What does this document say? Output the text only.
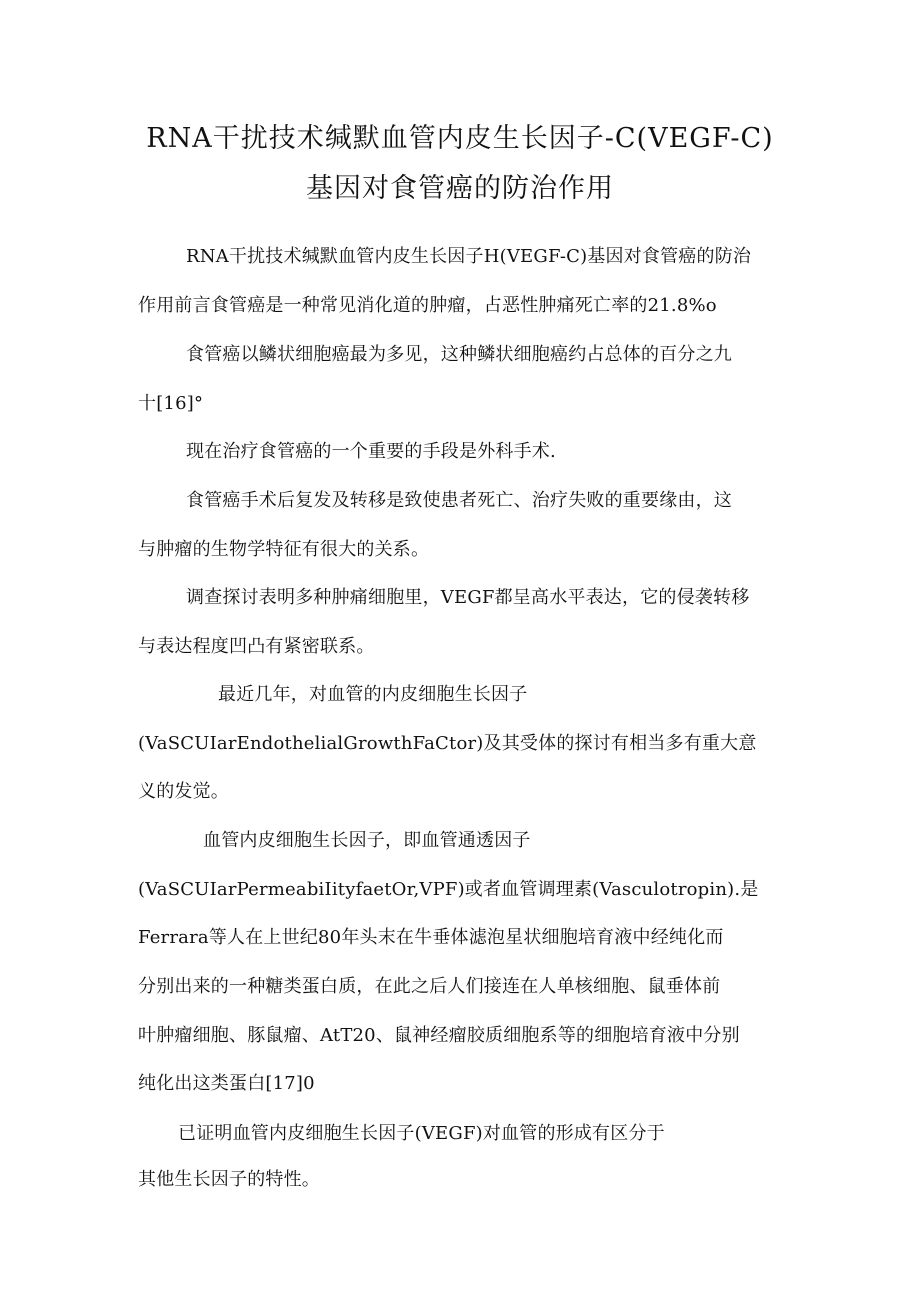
RNA干扰技术缄默血管内皮生长因子-C(VEGF-C)
基因对食管癌的防治作用

RNA干扰技术缄默血管内皮生长因子H(VEGF-C)基因对食管癌的防治

作用前言食管癌是一种常见消化道的肿瘤，占恶性肿痛死亡率的21.8%o

食管癌以鳞状细胞癌最为多见，这种鳞状细胞癌约占总体的百分之九

十[16]°

现在治疗食管癌的一个重要的手段是外科手术.

食管癌手术后复发及转移是致使患者死亡、治疗失败的重要缘由，这

与肿瘤的生物学特征有很大的关系。

调查探讨表明多种肿痛细胞里，VEGF都呈高水平表达，它的侵袭转移

与表达程度凹凸有紧密联系。

最近几年，对血管的内皮细胞生长因子

(VaSCUIarEndothelialGrowthFaCtor)及其受体的探讨有相当多有重大意

义的发觉。

血管内皮细胞生长因子，即血管通透因子

(VaSCUIarPermeabiIityfaetOr,VPF)或者血管调理素(Vasculotropin).是

Ferrara等人在上世纪80年头末在牛垂体滤泡星状细胞培育液中经纯化而

分别出来的一种糖类蛋白质，在此之后人们接连在人单核细胞、鼠垂体前

叶肿瘤细胞、豚鼠瘤、AtT20、鼠神经瘤胶质细胞系等的细胞培育液中分别

纯化出这类蛋白[17]0

已证明血管内皮细胞生长因子(VEGF)对血管的形成有区分于

其他生长因子的特性。
